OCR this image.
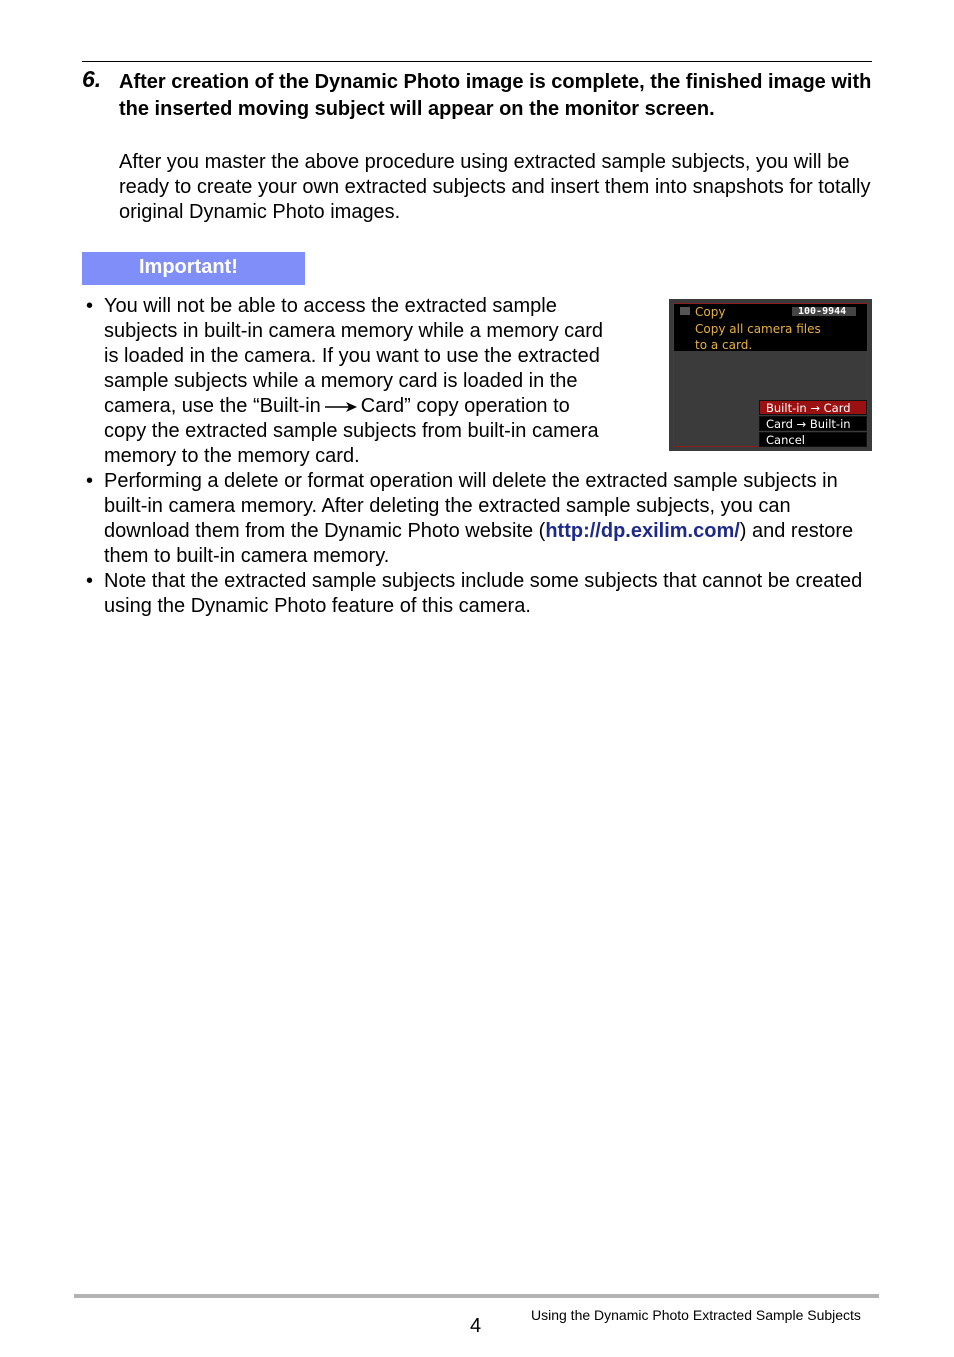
6. After creation of the Dynamic Photo image is complete, the finished image with the inserted moving subject will appear on the monitor screen.

After you master the above procedure using extracted sample subjects, you will be ready to create your own extracted subjects and insert them into snapshots for totally original Dynamic Photo images.

Important!
• You will not be able to access the extracted sample
subjects in built-in camera memory while a memory card
is loaded in the camera. If you want to use the extracted
sample subjects while a memory card is loaded in the
camera, use the “Built-in Card” copy operation to
copy the extracted sample subjects from built-in camera
memory to the memory card.
Copy	100-9944
Copy all camera files
to a card.
Built-in → Card
Card → Built-in
Cancel
• Performing a delete or format operation will delete the extracted sample subjects in built-in camera memory. After deleting the extracted sample subjects, you can download them from the Dynamic Photo website (http://dp.exilim.com/) and restore them to built-in camera memory.

• Note that the extracted sample subjects include some subjects that cannot be created using the Dynamic Photo feature of this camera.

4	Using the Dynamic Photo Extracted Sample Subjects
